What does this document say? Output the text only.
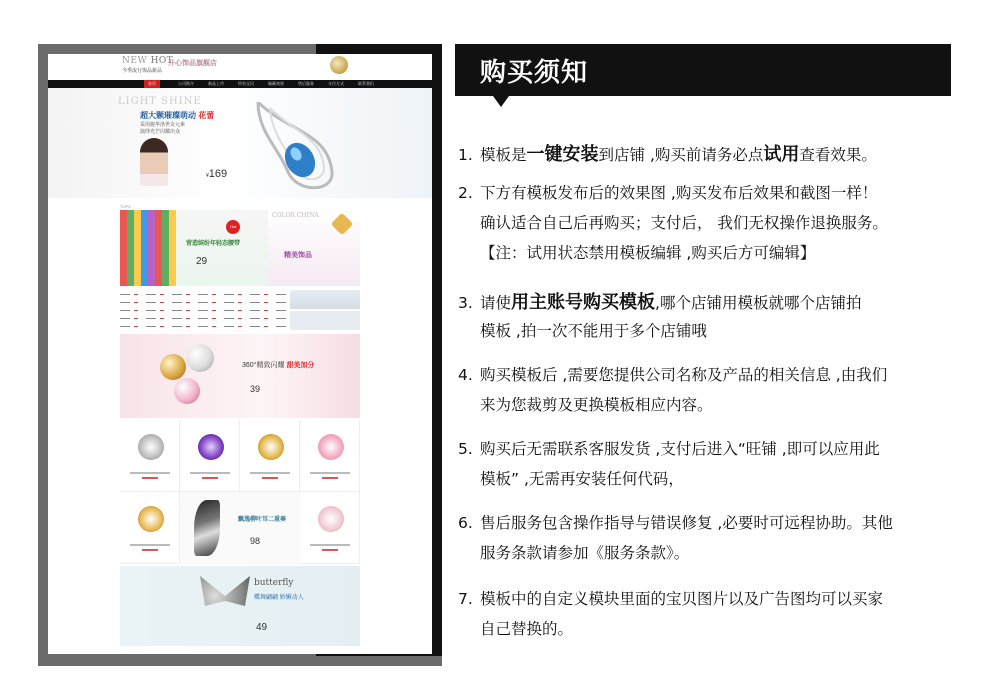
NEW HOT
今季流行饰品新品
开心饰品旗舰店
首页	公司简介	新品上市	所有宝贝	佩戴效果	售后服务	支付方式	联系我们
LIGHT SHINE
超大颗璀璨萌动 花蕾
采用施华洛世奇元素
演绎光芒闪耀出众
¥169
TOPS
Hot
营造缤纷年轻态腰带
29
COLOR CHINA
精美饰品
360°精致闪耀 甜美加分
39
飘逸柳叶耳二重奏
98
butterfly
蝶舞翩翩 娇媚动人
49
购买须知
1. 模板是一键安装到店铺 ,购买前请务必点试用查看效果。
2. 下方有模板发布后的效果图 ,购买发布后效果和截图一样！
确认适合自己后再购买；支付后， 我们无权操作退换服务。
【注：试用状态禁用模板编辑 ,购买后方可编辑】
3. 请使用主账号购买模板,哪个店铺用模板就哪个店铺拍
模板 ,拍一次不能用于多个店铺哦
4. 购买模板后 ,需要您提供公司名称及产品的相关信息 ,由我们
来为您裁剪及更换模板相应内容。
5. 购买后无需联系客服发货 ,支付后进入“旺铺 ,即可以应用此
模板” ,无需再安装任何代码，
6. 售后服务包含操作指导与错误修复 ,必要时可远程协助。其他
服务条款请参加《服务条款》。
7. 模板中的自定义模块里面的宝贝图片以及广告图均可以买家
自己替换的。
